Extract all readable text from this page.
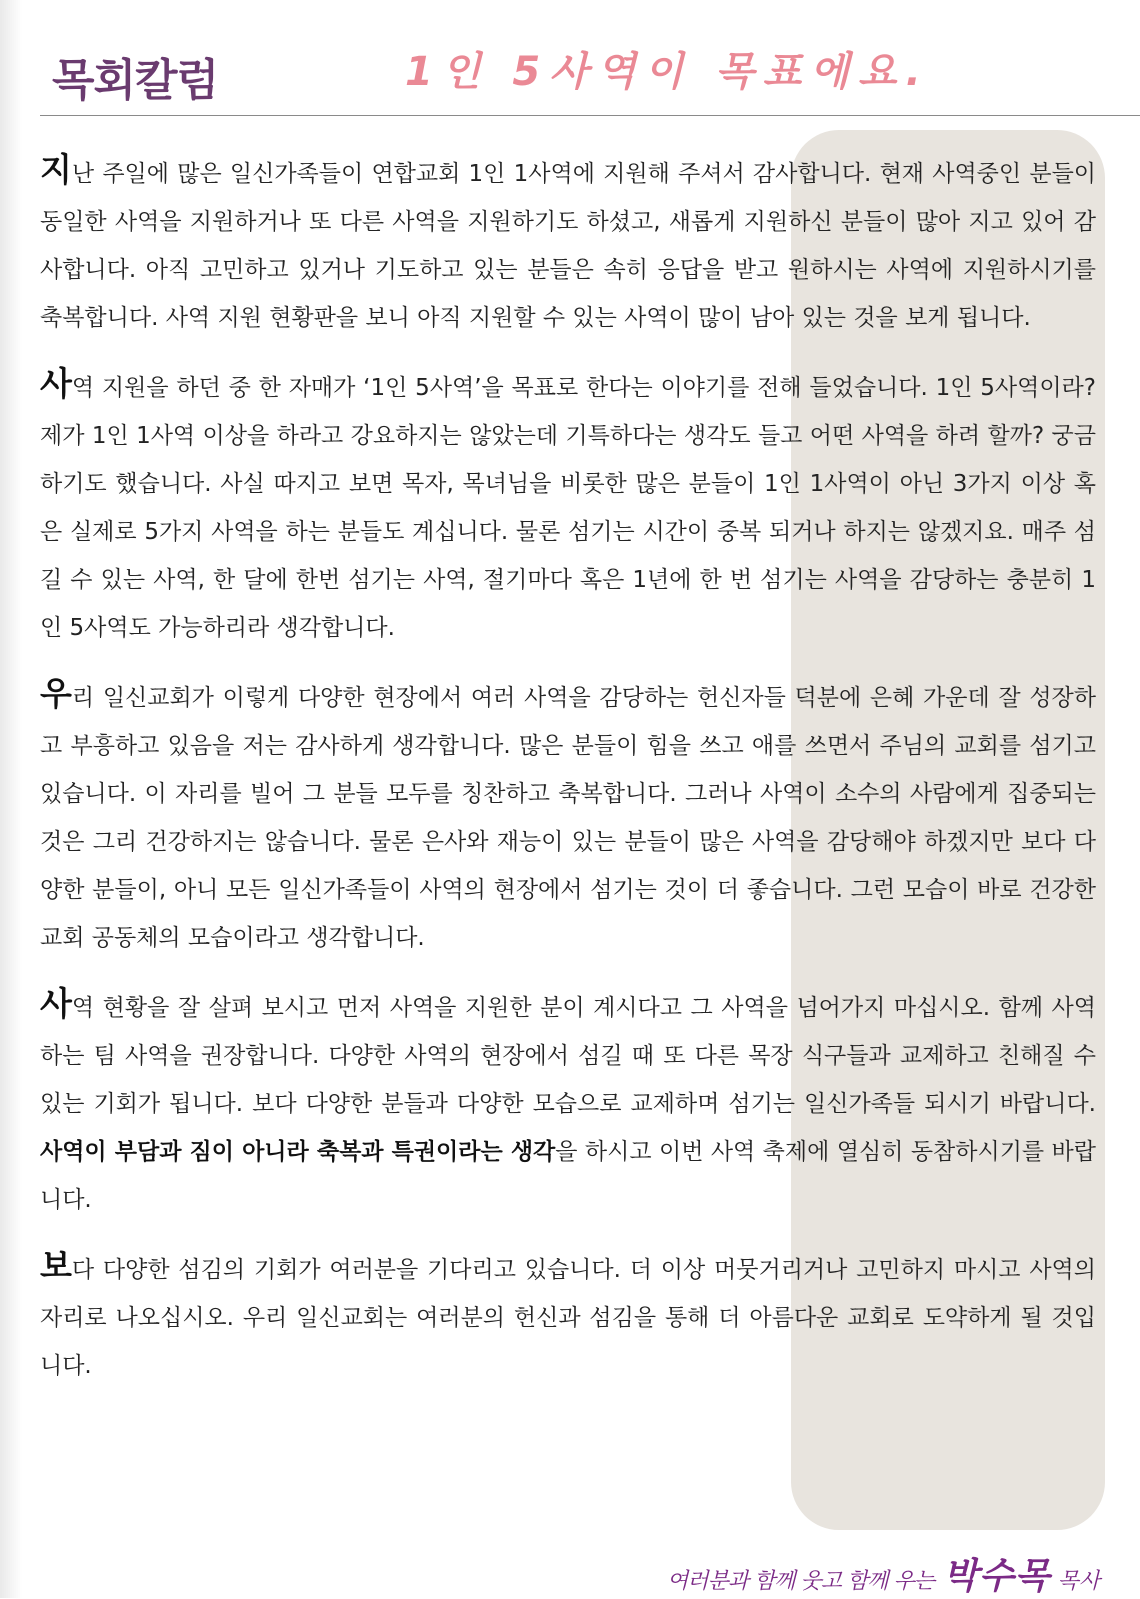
목회칼럼	1인 5사역이 목표에요.

지난 주일에 많은 일신가족들이 연합교회 1인 1사역에 지원해 주셔서 감사합니다. 현재 사역중인 분들이 동일한 사역을 지원하거나 또 다른 사역을 지원하기도 하셨고, 새롭게 지원하신 분들이 많아 지고 있어 감사합니다. 아직 고민하고 있거나 기도하고 있는 분들은 속히 응답을 받고 원하시는 사역에 지원하시기를 축복합니다. 사역 지원 현황판을 보니 아직 지원할 수 있는 사역이 많이 남아 있는 것을 보게 됩니다.

사역 지원을 하던 중 한 자매가 ‘1인 5사역’을 목표로 한다는 이야기를 전해 들었습니다. 1인 5사역이라? 제가 1인 1사역 이상을 하라고 강요하지는 않았는데 기특하다는 생각도 들고 어떤 사역을 하려 할까? 궁금하기도 했습니다. 사실 따지고 보면 목자, 목녀님을 비롯한 많은 분들이 1인 1사역이 아닌 3가지 이상 혹은 실제로 5가지 사역을 하는 분들도 계십니다. 물론 섬기는 시간이 중복 되거나 하지는 않겠지요. 매주 섬길 수 있는 사역, 한 달에 한번 섬기는 사역, 절기마다 혹은 1년에 한 번 섬기는 사역을 감당하는 충분히 1인 5사역도 가능하리라 생각합니다.

우리 일신교회가 이렇게 다양한 현장에서 여러 사역을 감당하는 헌신자들 덕분에 은혜 가운데 잘 성장하고 부흥하고 있음을 저는 감사하게 생각합니다. 많은 분들이 힘을 쓰고 애를 쓰면서 주님의 교회를 섬기고 있습니다. 이 자리를 빌어 그 분들 모두를 칭찬하고 축복합니다. 그러나 사역이 소수의 사람에게 집중되는 것은 그리 건강하지는 않습니다. 물론 은사와 재능이 있는 분들이 많은 사역을 감당해야 하겠지만 보다 다양한 분들이, 아니 모든 일신가족들이 사역의 현장에서 섬기는 것이 더 좋습니다. 그런 모습이 바로 건강한 교회 공동체의 모습이라고 생각합니다.

사역 현황을 잘 살펴 보시고 먼저 사역을 지원한 분이 계시다고 그 사역을 넘어가지 마십시오. 함께 사역하는 팀 사역을 권장합니다. 다양한 사역의 현장에서 섬길 때 또 다른 목장 식구들과 교제하고 친해질 수 있는 기회가 됩니다. 보다 다양한 분들과 다양한 모습으로 교제하며 섬기는 일신가족들 되시기 바랍니다. 사역이 부담과 짐이 아니라 축복과 특권이라는 생각을 하시고 이번 사역 축제에 열심히 동참하시기를 바랍니다.

보다 다양한 섬김의 기회가 여러분을 기다리고 있습니다. 더 이상 머뭇거리거나 고민하지 마시고 사역의 자리로 나오십시오. 우리 일신교회는 여러분의 헌신과 섬김을 통해 더 아름다운 교회로 도약하게 될 것입니다.

여러분과 함께 웃고 함께 우는 박수목 목사
